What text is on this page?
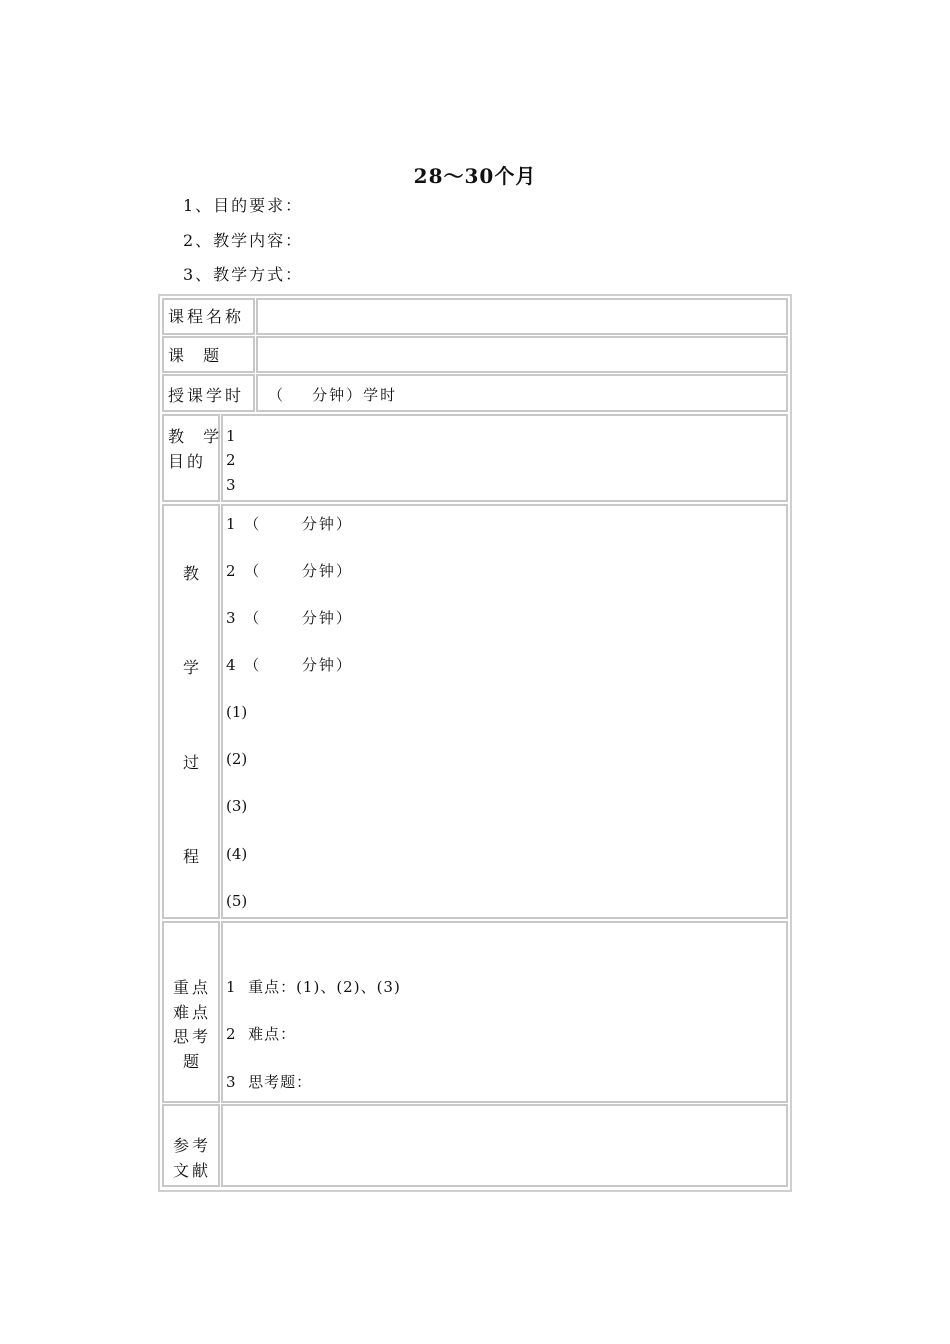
28～30个月
1、目的要求：
2、教学内容：
3、教学方式：
课程名称
课  题
授课学时 （    分钟）学时
教  学
目的
1
2
3
教
学
过
程
1 （      分钟）
2 （      分钟）
3 （      分钟）
4 （      分钟）
(1)
(2)
(3)
(4)
(5)
重点
难点
思考
题
1  重点：(1)、(2)、(3)
2  难点：
3  思考题：
参考
文献
